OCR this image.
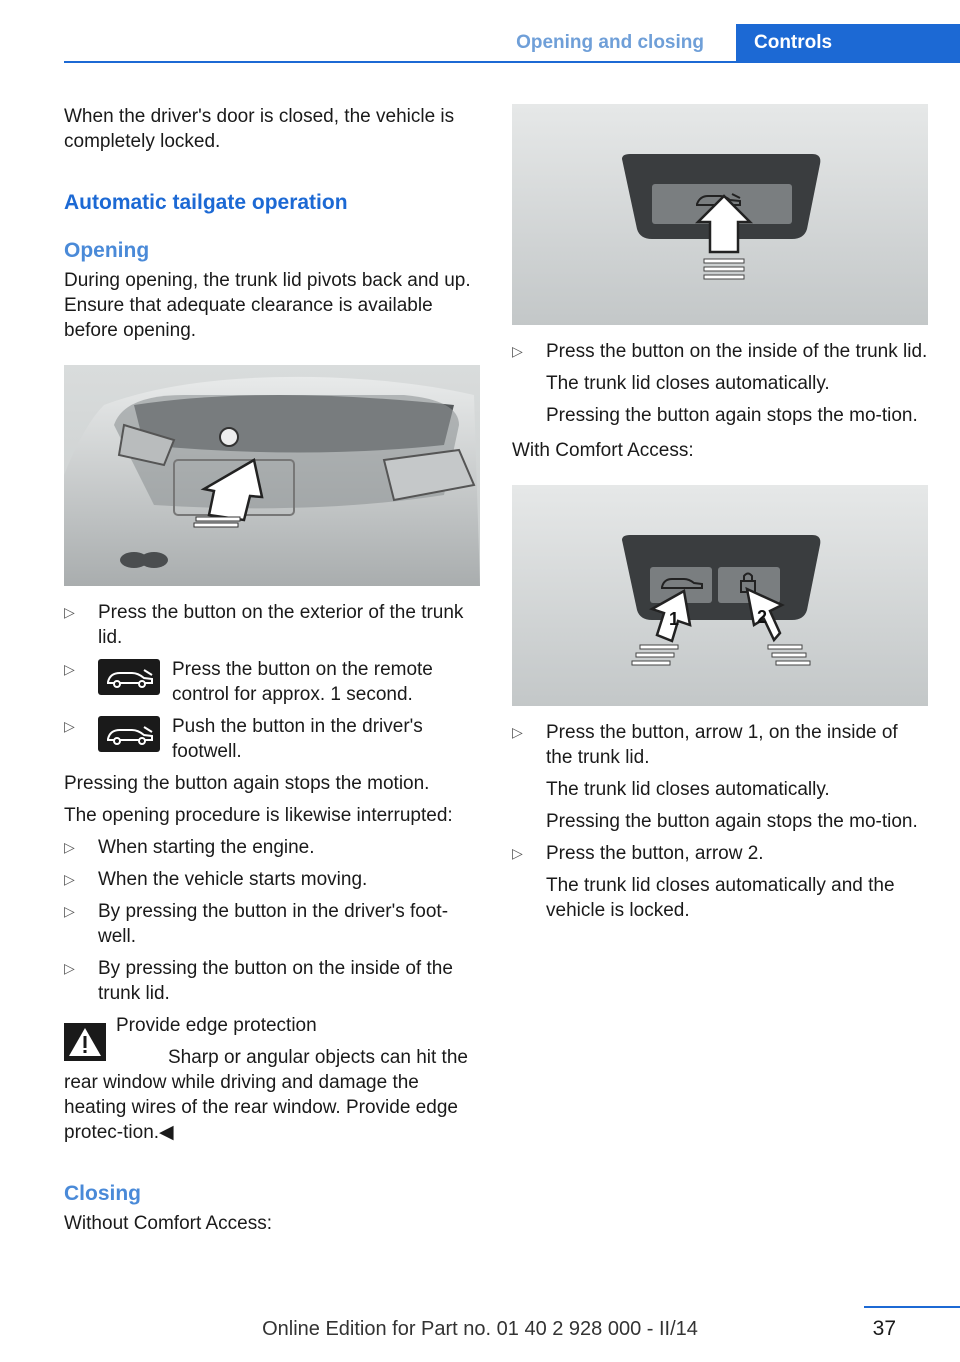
Opening and closing	Controls

When the driver's door is closed, the vehicle is completely locked.

Automatic tailgate operation
Opening

During opening, the trunk lid pivots back and up. Ensure that adequate clearance is available before opening.

▷	Press the button on the exterior of the trunk lid.
▷	Press the button on the remote control for approx. 1 second.
▷	Push the button in the driver's footwell.

Pressing the button again stops the motion.

The opening procedure is likewise interrupted:

▷	When starting the engine.
▷	When the vehicle starts moving.
▷	By pressing the button in the driver's foot‐well.
▷	By pressing the button on the inside of the trunk lid.
Provide edge protection
Sharp or angular objects can hit the rear window while driving and damage the heating wires of the rear window. Provide edge protec‐tion.◀
Closing

Without Comfort Access:

▷	Press the button on the inside of the trunk lid.
The trunk lid closes automatically.
Pressing the button again stops the mo‐tion.

With Comfort Access:

1	2
▷	Press the button, arrow 1, on the inside of the trunk lid.
The trunk lid closes automatically.
Pressing the button again stops the mo‐tion.
▷	Press the button, arrow 2.
The trunk lid closes automatically and the vehicle is locked.
37
Online Edition for Part no. 01 40 2 928 000 - II/14
